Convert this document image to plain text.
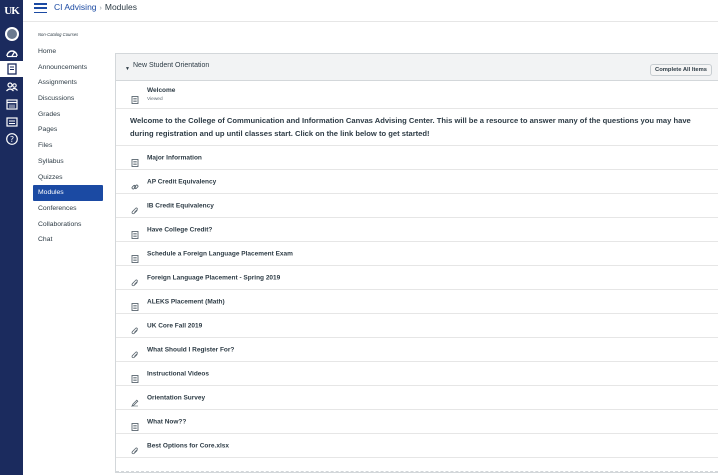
UK
?
CI Advising › Modules
Non-Catalog Courses
Home
Announcements
Assignments
Discussions
Grades
Pages
Files
Syllabus
Quizzes
Modules
Conferences
Collaborations
Chat
▼ New Student Orientation
Complete All Items
Welcome
Viewed
Welcome to the College of Communication and Information Canvas Advising Center. This will be a resource to answer many of the questions you may have during registration and up until classes start. Click on the link below to get started!
Major Information
AP Credit Equivalency
IB Credit Equivalency
Have College Credit?
Schedule a Foreign Language Placement Exam
Foreign Language Placement - Spring 2019
ALEKS Placement (Math)
UK Core Fall 2019
What Should I Register For?
Instructional Videos
Orientation Survey
What Now??
Best Options for Core.xlsx
